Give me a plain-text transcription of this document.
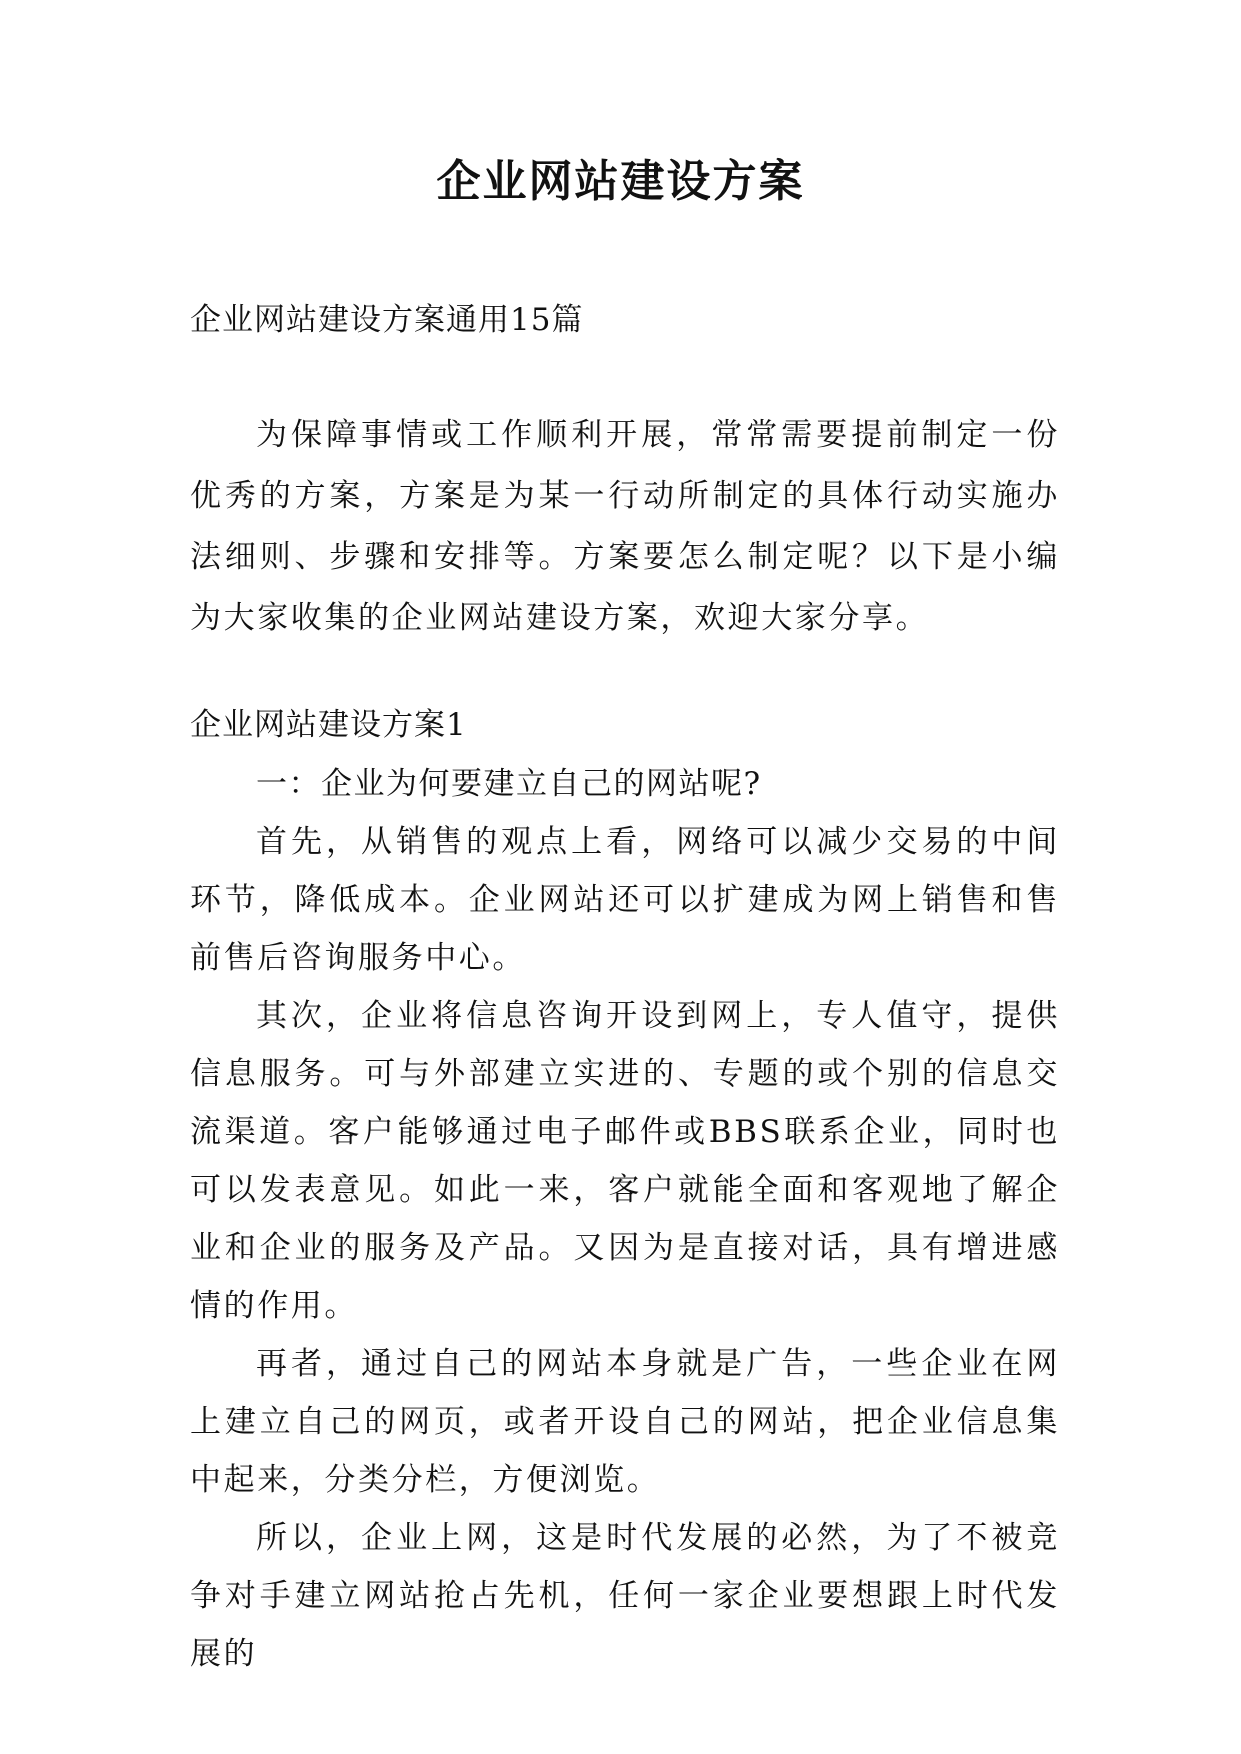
企业网站建设方案
企业网站建设方案通用15篇

为保障事情或工作顺利开展，常常需要提前制定一份优秀的方案，方案是为某一行动所制定的具体行动实施办法细则、步骤和安排等。方案要怎么制定呢？以下是小编为大家收集的企业网站建设方案，欢迎大家分享。

企业网站建设方案1

一：企业为何要建立自己的网站呢?

首先，从销售的观点上看，网络可以减少交易的中间环节，降低成本。企业网站还可以扩建成为网上销售和售前售后咨询服务中心。

其次，企业将信息咨询开设到网上，专人值守，提供信息服务。可与外部建立实进的、专题的或个别的信息交流渠道。客户能够通过电子邮件或BBS联系企业，同时也可以发表意见。如此一来，客户就能全面和客观地了解企业和企业的服务及产品。又因为是直接对话，具有增进感情的作用。

再者，通过自己的网站本身就是广告，一些企业在网上建立自己的网页，或者开设自己的网站，把企业信息集中起来，分类分栏，方便浏览。

所以，企业上网，这是时代发展的必然，为了不被竞争对手建立网站抢占先机，任何一家企业要想跟上时代发展的
